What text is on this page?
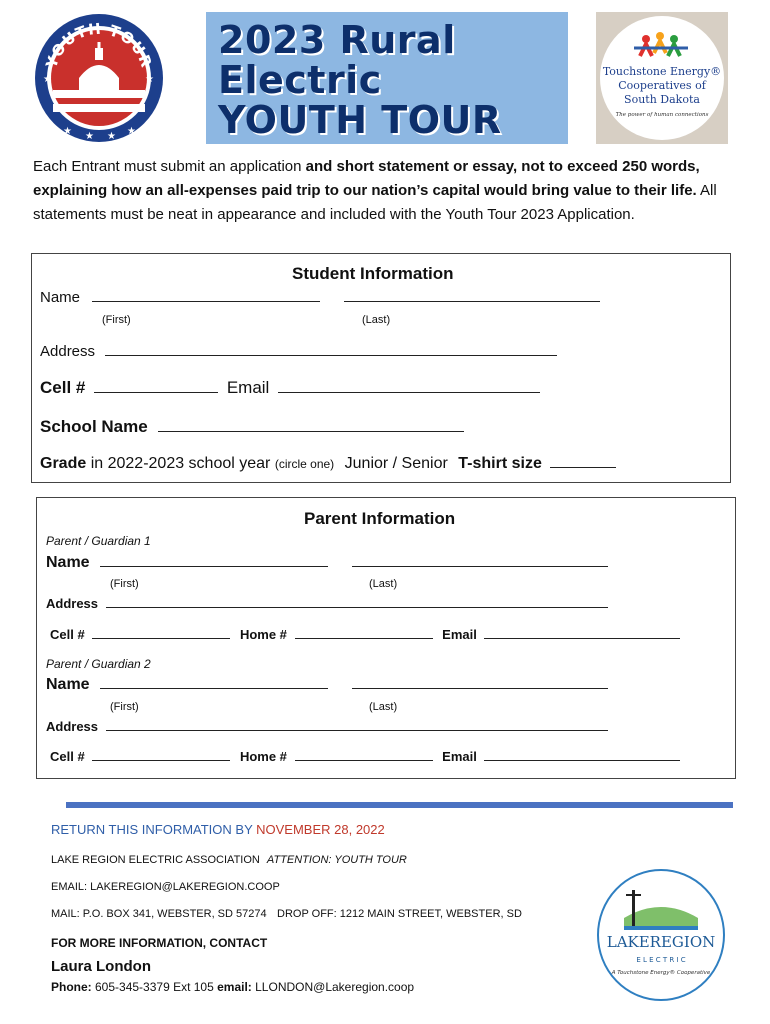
★ ★ ★ ★
★	★
YOUTH TOUR 2023 Rural
Electric
YOUTH TOUR
Touchstone Energy®
Cooperatives of
South Dakota
The power of human connections
Each Entrant must submit an application and short statement or essay, not to exceed 250 words, explaining how an all-expenses paid trip to our nation’s capital would bring value to their life. All statements must be neat in appearance and included with the Youth Tour 2023 Application.
Student Information
Name
(First)	(Last)
Address
Cell #	Email
School Name
Grade in 2022-2023 school year (circle one) Junior / Senior T-shirt size
Parent Information
Parent / Guardian 1
Name
(First)	(Last)
Address
Cell #	Home #	Email
Parent / Guardian 2
Name
(First)	(Last)
Address
Cell #	Home #	Email
RETURN THIS INFORMATION BY NOVEMBER 28, 2022
LAKE REGION ELECTRIC ASSOCIATION ATTENTION: YOUTH TOUR
EMAIL: LAKEREGION@LAKEREGION.COOP
MAIL: P.O. BOX 341, WEBSTER, SD 57274 DROP OFF: 1212 MAIN STREET, WEBSTER, SD
FOR MORE INFORMATION, CONTACT
Laura London
Phone: 605-345-3379 Ext 105 email: LLONDON@Lakeregion.coop
LAKEREGION
E L E C T R I C
A Touchstone Energy® Cooperative
